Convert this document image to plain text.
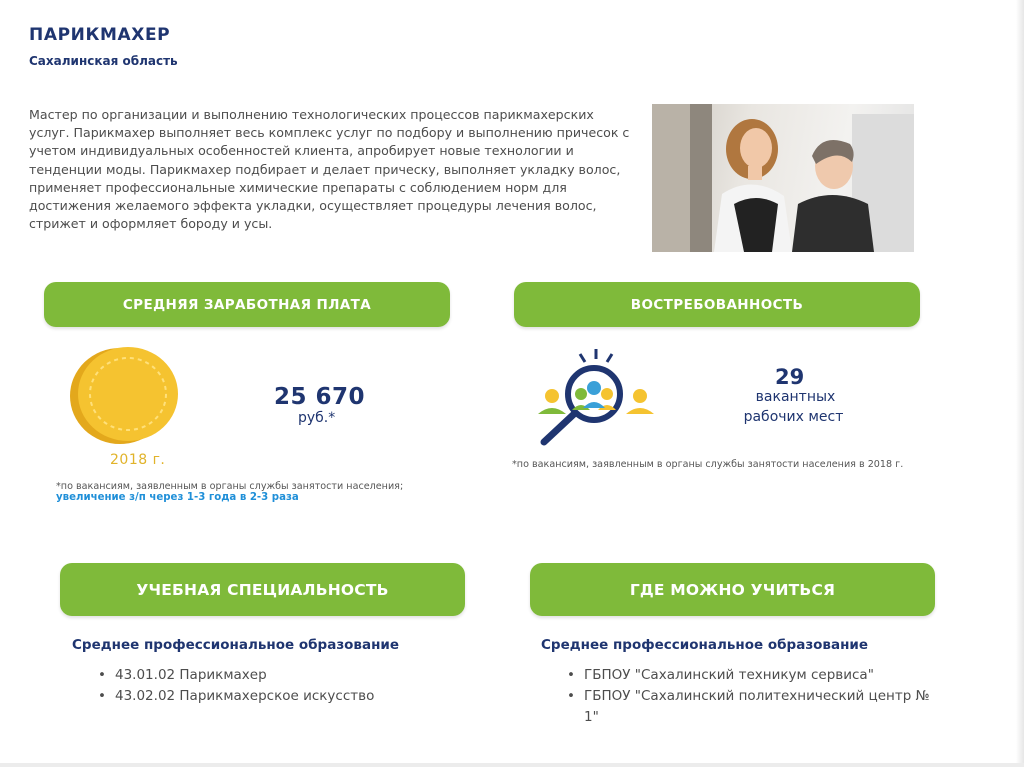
ПАРИКМАХЕР
Сахалинская область
Мастер по организации и выполнению технологических процессов парикмахерских услуг. Парикмахер выполняет весь комплекс услуг по подбору и выполнению причесок с учетом индивидуальных особенностей клиента, апробирует новые технологии и тенденции моды. Парикмахер подбирает и делает прическу, выполняет укладку волос, применяет профессиональные химические препараты с соблюдением норм для достижения желаемого эффекта укладки, осуществляет процедуры лечения волос, стрижет и оформляет бороду и усы.
СРЕДНЯЯ ЗАРАБОТНАЯ ПЛАТА	ВОСТРЕБОВАННОСТЬ
2018 г.
25 670
руб.*
*по вакансиям, заявленным в органы службы занятости населения;
увеличение з/п через 1-3 года в 2-3 раза
29
вакантных
рабочих мест
*по вакансиям, заявленным в органы службы занятости населения в 2018 г.
УЧЕБНАЯ СПЕЦИАЛЬНОСТЬ	ГДЕ МОЖНО УЧИТЬСЯ
Среднее профессиональное образование
• 43.01.02 Парикмахер
• 43.02.02 Парикмахерское искусство
Среднее профессиональное образование
• ГБПОУ "Сахалинский техникум сервиса"
• ГБПОУ "Сахалинский политехнический центр № 1"
